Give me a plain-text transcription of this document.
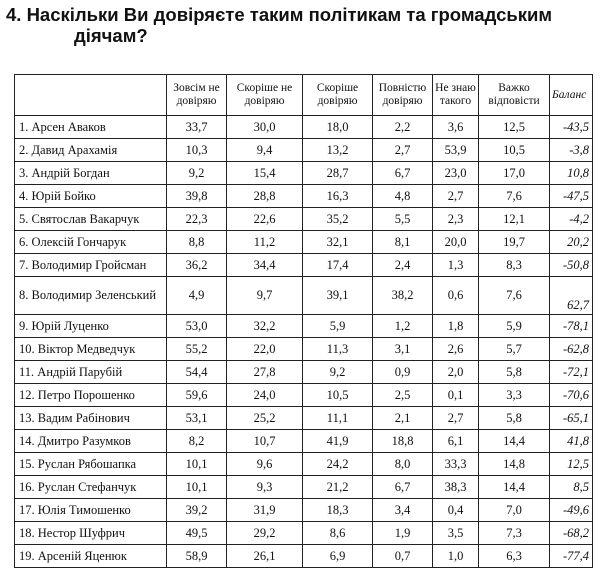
4. Наскільки Ви довіряєте таким політикам та громадським
діячам?
	Зовсім не довіряю	Скоріше не довіряю	Скоріше довіряю	Повністю довіряю	Не знаю такого	Важко відповісти	Баланс
1. Арсен Аваков	33,7	30,0	18,0	2,2	3,6	12,5	-43,5
2. Давид Арахамія	10,3	9,4	13,2	2,7	53,9	10,5	-3,8
3. Андрій Богдан	9,2	15,4	28,7	6,7	23,0	17,0	10,8
4. Юрій Бойко	39,8	28,8	16,3	4,8	2,7	7,6	-47,5
5. Святослав Вакарчук	22,3	22,6	35,2	5,5	2,3	12,1	-4,2
6. Олексій Гончарук	8,8	11,2	32,1	8,1	20,0	19,7	20,2
7. Володимир Гройсман	36,2	34,4	17,4	2,4	1,3	8,3	-50,8
8. Володимир Зеленський	4,9	9,7	39,1	38,2	0,6	7,6	62,7
9. Юрій Луценко	53,0	32,2	5,9	1,2	1,8	5,9	-78,1
10. Віктор Медведчук	55,2	22,0	11,3	3,1	2,6	5,7	-62,8
11. Андрій Парубій	54,4	27,8	9,2	0,9	2,0	5,8	-72,1
12. Петро Порошенко	59,6	24,0	10,5	2,5	0,1	3,3	-70,6
13. Вадим Рабінович	53,1	25,2	11,1	2,1	2,7	5,8	-65,1
14. Дмитро Разумков	8,2	10,7	41,9	18,8	6,1	14,4	41,8
15. Руслан Рябошапка	10,1	9,6	24,2	8,0	33,3	14,8	12,5
16. Руслан Стефанчук	10,1	9,3	21,2	6,7	38,3	14,4	8,5
17. Юлія Тимошенко	39,2	31,9	18,3	3,4	0,4	7,0	-49,6
18. Нестор Шуфрич	49,5	29,2	8,6	1,9	3,5	7,3	-68,2
19. Арсеній Яценюк	58,9	26,1	6,9	0,7	1,0	6,3	-77,4
